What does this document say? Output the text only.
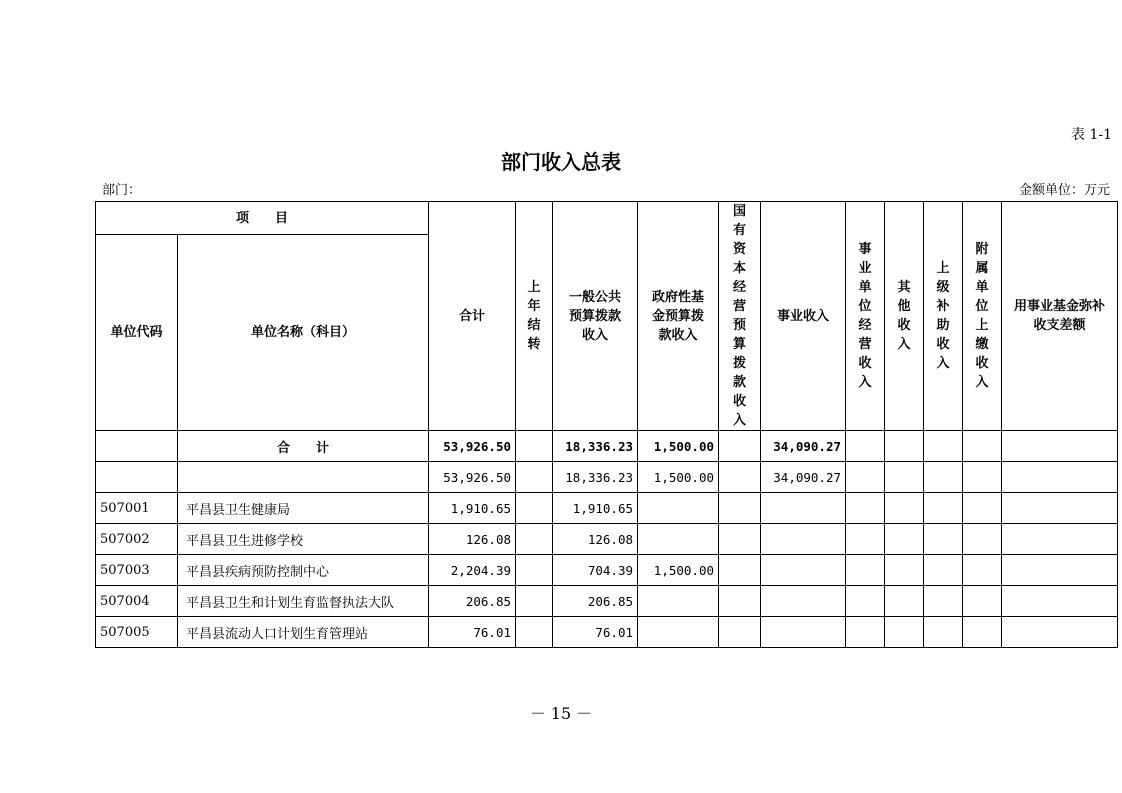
表 1-1
部门收入总表
部门：	金额单位：万元
项　　目		合计	上年结转	一般公共预算拨款收入	政府性基金预算拨款收入	国有资本经营预算拨款收入	事业收入	事业单位经营收入	其他收入	上级补助收入	附属单位上缴收入	用事业基金弥补收支差额
单位代码	单位名称（科目）											
	合　　计	53,926.50		18,336.23	1,500.00		34,090.27					
		53,926.50		18,336.23	1,500.00		34,090.27					
507001	平昌县卫生健康局	1,910.65		1,910.65								
507002	平昌县卫生进修学校	126.08		126.08								
507003	平昌县疾病预防控制中心	2,204.39		704.39	1,500.00							
507004	平昌县卫生和计划生育监督执法大队	206.85		206.85								
507005	平昌县流动人口计划生育管理站	76.01		76.01								
－ 15 －
